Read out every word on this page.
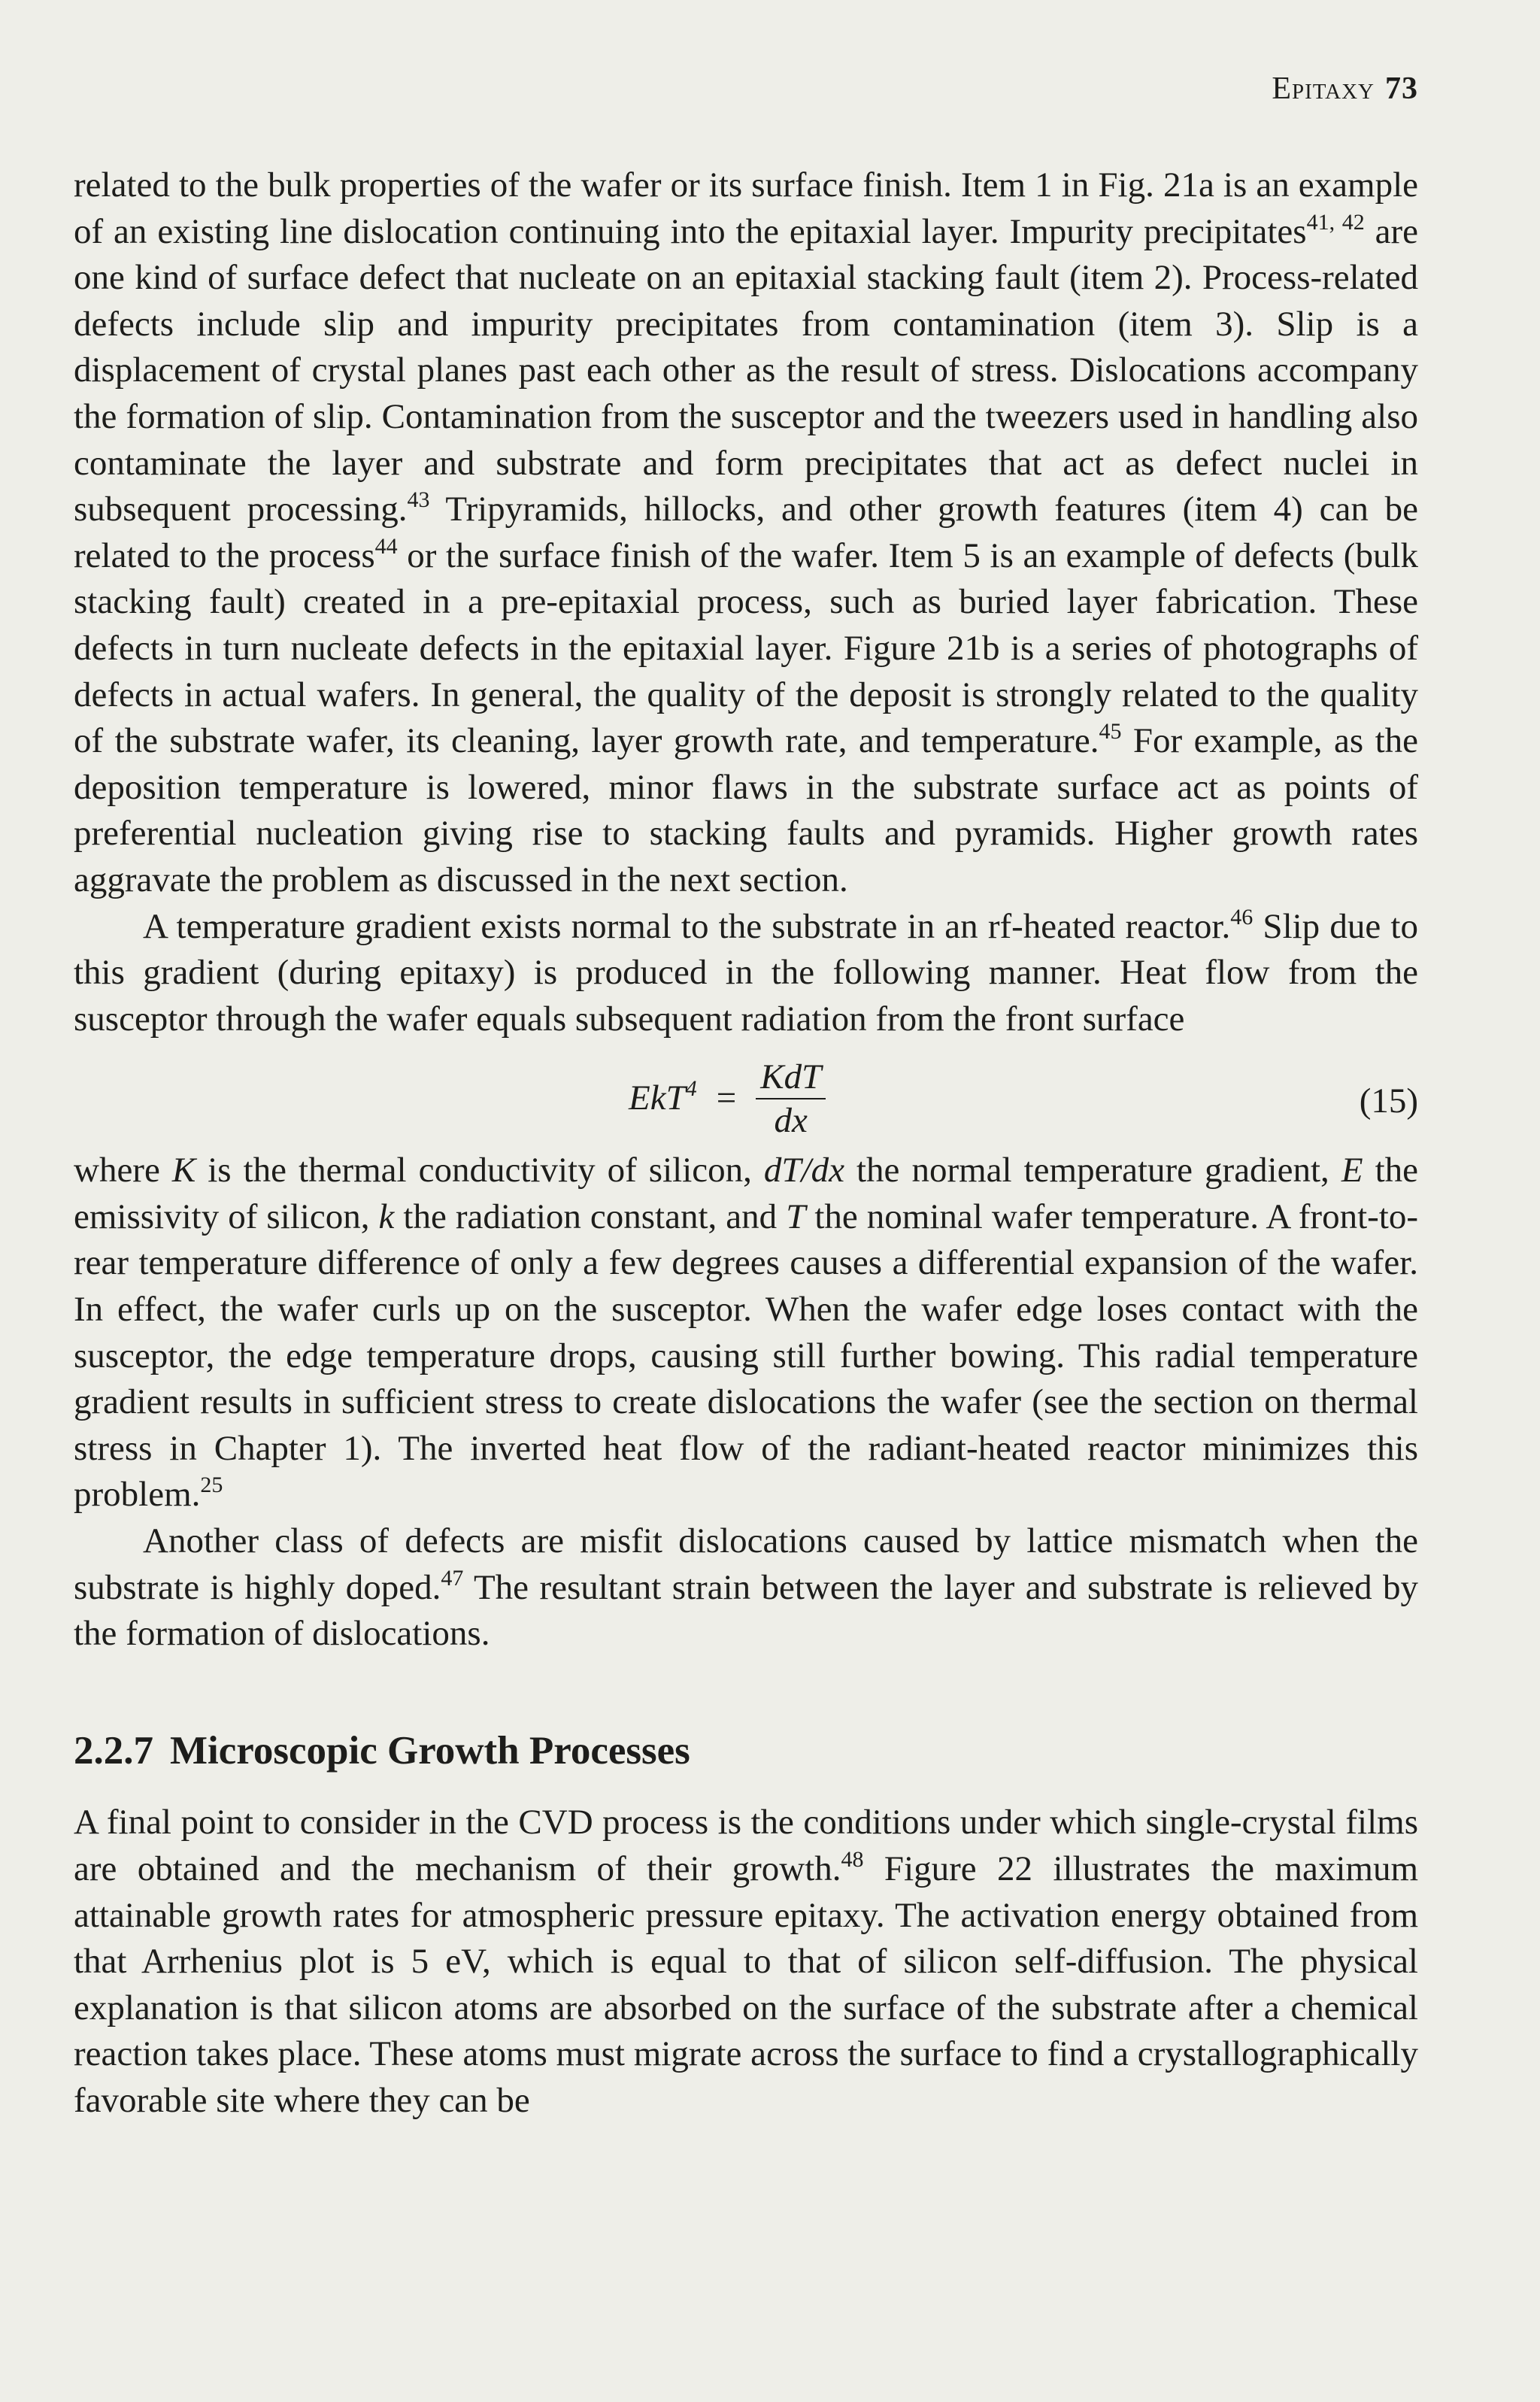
Epitaxy 73

related to the bulk properties of the wafer or its surface finish. Item 1 in Fig. 21a is an example of an existing line dislocation continuing into the epitaxial layer. Impurity precipitates$^{41, 42}$ are one kind of surface defect that nucleate on an epitaxial stacking fault (item 2). Process-related defects include slip and impurity precipitates from contamination (item 3). Slip is a displacement of crystal planes past each other as the result of stress. Dislocations accompany the formation of slip. Contamination from the susceptor and the tweezers used in handling also contaminate the layer and substrate and form precipitates that act as defect nuclei in subsequent processing.$^{43}$ Tripyramids, hillocks, and other growth features (item 4) can be related to the process$^{44}$ or the surface finish of the wafer. Item 5 is an example of defects (bulk stacking fault) created in a pre-epitaxial process, such as buried layer fabrication. These defects in turn nucleate defects in the epitaxial layer. Figure 21b is a series of photographs of defects in actual wafers. In general, the quality of the deposit is strongly related to the quality of the substrate wafer, its cleaning, layer growth rate, and temperature.$^{45}$ For example, as the deposition temperature is lowered, minor flaws in the substrate surface act as points of preferential nucleation giving rise to stacking faults and pyramids. Higher growth rates aggravate the problem as discussed in the next section.

A temperature gradient exists normal to the substrate in an rf-heated reactor.$^{46}$ Slip due to this gradient (during epitaxy) is produced in the following manner. Heat flow from the susceptor through the wafer equals subsequent radiation from the front surface

$EkT^4 = \frac{\text{KdT}}{dx}$	(15)

where K is the thermal conductivity of silicon, dT/dx the normal temperature gradient, E the emissivity of silicon, k the radiation constant, and T the nominal wafer temperature. A front-to-rear temperature difference of only a few degrees causes a differential expansion of the wafer. In effect, the wafer curls up on the susceptor. When the wafer edge loses contact with the susceptor, the edge temperature drops, causing still further bowing. This radial temperature gradient results in sufficient stress to create dislocations the wafer (see the section on thermal stress in Chapter 1). The inverted heat flow of the radiant-heated reactor minimizes this problem.$^{25}$

Another class of defects are misfit dislocations caused by lattice mismatch when the substrate is highly doped.$^{47}$ The resultant strain between the layer and substrate is relieved by the formation of dislocations.

2.2.7 Microscopic Growth Processes

A final point to consider in the CVD process is the conditions under which single-crystal films are obtained and the mechanism of their growth.$^{48}$ Figure 22 illustrates the maximum attainable growth rates for atmospheric pressure epitaxy. The activation energy obtained from that Arrhenius plot is 5 eV, which is equal to that of silicon self-diffusion. The physical explanation is that silicon atoms are absorbed on the surface of the substrate after a chemical reaction takes place. These atoms must migrate across the surface to find a crystallographically favorable site where they can be
